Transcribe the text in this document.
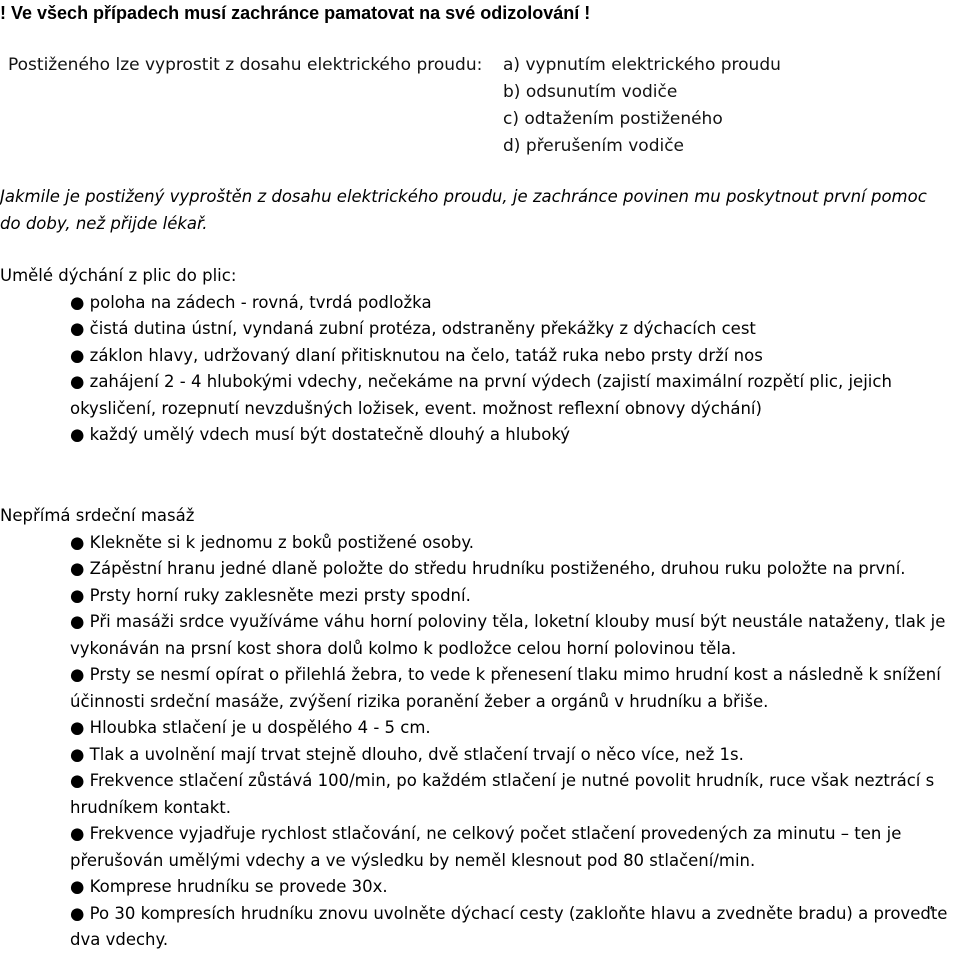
! Ve všech případech musí zachránce pamatovat na své odizolování !
Postiženého lze vyprostit z dosahu elektrického proudu:	a) vypnutím elektrického proudu
b) odsunutím vodiče
c) odtažením postiženého
d) přerušením vodiče
Jakmile je postižený vyproštěn z dosahu elektrického proudu, je zachránce povinen mu poskytnout první pomoc do doby, než přijde lékař.
Umělé dýchání z plic do plic:
● poloha na zádech - rovná, tvrdá podložka
● čistá dutina ústní, vyndaná zubní protéza, odstraněny překážky z dýchacích cest
● záklon hlavy, udržovaný dlaní přitisknutou na čelo, tatáž ruka nebo prsty drží nos
● zahájení 2 - 4 hlubokými vdechy, nečekáme na první výdech (zajistí maximální rozpětí plic, jejich
okysličení, rozepnutí nevzdušných ložisek, event. možnost reflexní obnovy dýchání)
● každý umělý vdech musí být dostatečně dlouhý a hluboký
Nepřímá srdeční masáž
● Klekněte si k jednomu z boků postižené osoby.
● Zápěstní hranu jedné dlaně položte do středu hrudníku postiženého, druhou ruku položte na první.
● Prsty horní ruky zaklesněte mezi prsty spodní.
● Při masáži srdce využíváme váhu horní poloviny těla, loketní klouby musí být neustále nataženy, tlak je vykonáván na prsní kost shora dolů kolmo k podložce celou horní polovinou těla.
● Prsty se nesmí opírat o přilehlá žebra, to vede k přenesení tlaku mimo hrudní kost a následně k snížení účinnosti srdeční masáže, zvýšení rizika poranění žeber a orgánů v hrudníku a břiše.
● Hloubka stlačení je u dospělého 4 - 5 cm.
● Tlak a uvolnění mají trvat stejně dlouho, dvě stlačení trvají o něco více, než 1s.
● Frekvence stlačení zůstává 100/min, po každém stlačení je nutné povolit hrudník, ruce však neztrácí s hrudníkem kontakt.
● Frekvence vyjadřuje rychlost stlačování, ne celkový počet stlačení provedených za minutu – ten je přerušován umělými vdechy a ve výsledku by neměl klesnout pod 80 stlačení/min.
● Komprese hrudníku se provede 30x.
● Po 30 kompresích hrudníku znovu uvolněte dýchací cesty (zakloňte hlavu a zvedněte bradu) a proveďte dva vdechy.
